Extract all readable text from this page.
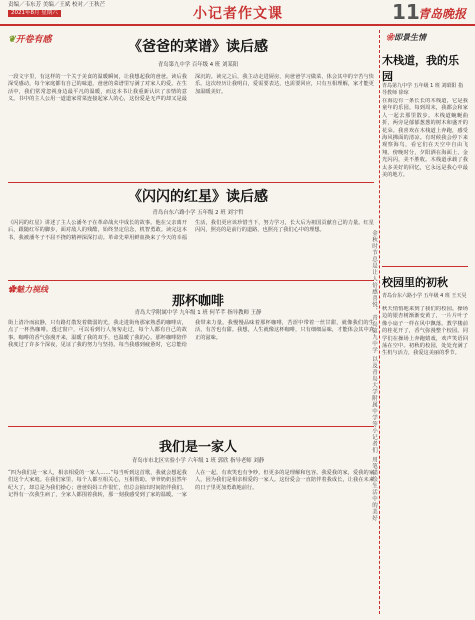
责编／韦东芳 美编／王斌 校对／王秋芒
2021年8月 星期六	小记者作文课	11
青岛晚报
❦开卷有感	《爸爸的菜谱》读后感
青岛第九中学 百年级 4 班 刘某阳
一段文字里，有这样的一个关于美食的温暖瞬间，让我想起我的爸爸。读后我深受感动，每个家庭都有自己的味道，爸爸的菜谱里写满了对家人的爱。在生活中，我们常常忽视身边最平凡的温暖，而这本书让我重新认识了亲情的意义。书中的主人公用一道道家常菜连接起家人的心，这份爱是无声的却又是最深沉的。读完之后，我主动走进厨房，向爸爸学习做菜，体会其中的辛苦与快乐。这次经历让我明白，爱需要表达，也需要回应，只有互相理解，家才能更加温暖美好。
《闪闪的红星》读后感
青岛台东六路小学 五年级 2 班 刘宇哲
《闪闪的红星》讲述了主人公潘冬子在革命战火中成长的故事。他在父亲离开后，跟随红军的脚步，面对敌人的残酷，始终坚定信念，机智勇敢。读完这本书，我被潘冬子不屈不挠的精神深深打动。革命先辈用鲜血换来了今天的幸福生活，我们更应该珍惜当下，努力学习，长大后为祖国贡献自己的力量。红星闪闪，照亮的是前行的道路，也照亮了我们心中的理想。
✿魅力视线
那杯咖啡
青岛大学附属中学 九年级 1 班 何芊芊 指导教师 王静
街上清冷而寂静，只有路灯散发着微弱的光，我走进街角那家熟悉的咖啡店，点了一杯热咖啡。透过窗户，可以看到行人匆匆走过，每个人都有自己的故事。咖啡的香气弥漫开来，温暖了我的双手，也温暖了我的心。那杯咖啡陪伴我度过了许多个深夜，见证了我的努力与坚持。每当我感到疲惫时，它总能给我带来力量。我慢慢品味着那杯咖啡，苦涩中带着一丝甘甜，就像我们的生活，有苦也有甜。我想，人生就像这杯咖啡，只有细细品味，才能体会其中真正的滋味。
我们是一家人
青岛市市北区实验小学 六年级 1 班 郭欣 指导老师 刘静
“四为我们是一家人，相亲相爱的一家人……”每当听到这首歌，我就会想起我们这个大家庭。在我们家里，每个人都互相关心，互相帮助。爷爷奶奶虽然年纪大了，却总是为我们操心；爸爸妈妈工作很忙，但总会抽出时间陪伴我们。记得有一次我生病了，全家人都围着我转，那一刻我感受到了家的温暖。一家人在一起，有欢笑也有争吵，但更多的是理解和包容。我爱我的家，爱我的家人，因为我们是相亲相爱的一家人。这份爱会一直陪伴着我成长，让我在未来的日子里更加勇敢地前行。	金秋时节总是让人倍感喜悦，青岛第九中学 以及青岛大学附属中学等小记者们 用笔描绘生活中的美好
❀即景生情
木栈道，我的乐园
青岛第九中学 五年级 1 班 刘昭阳 指导教师 徐琼
在海边有一条长长的木栈道，它是我童年的乐园。每到周末，我都会和家人一起去那里散步。木栈道蜿蜒曲折，两旁是郁郁葱葱的树木和盛开的花朵。我喜欢在木栈道上奔跑，感受海风拂面的清凉。有时候我会停下来观察海鸟，看它们在天空中自由飞翔。傍晚时分，夕阳洒在海面上，金光闪闪，美不胜收。木栈道承载了我太多美好的回忆，它永远是我心中最美的地方。
校园里的初秋
青岛台东六路小学 五年级 4 班 王天昊
秋天悄悄地来到了我们的校园。操场边的银杏树渐渐变黄了，一片片叶子像小扇子一样在风中飘落。教学楼前的桂花开了，香气弥漫整个校园。同学们在操场上奔跑嬉戏，欢声笑语回荡在空中。初秋的校园，处处充满了生机与活力，我爱这美丽的季节。
